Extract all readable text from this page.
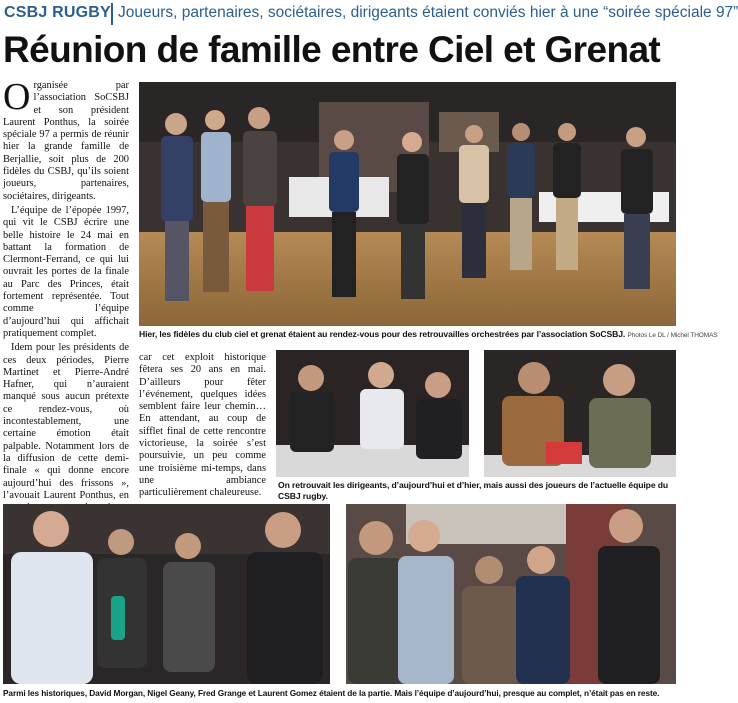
CSBJ RUGBY Joueurs, partenaires, sociétaires, dirigeants étaient conviés hier à une “soirée spéciale 97”
Réunion de famille entre Ciel et Grenat

Organisée par l’association SoCSBJ et son président Laurent Ponthus, la soirée spéciale 97 a permis de réunir hier la grande famille de Berjallie, soit plus de 200 fidèles du CSBJ, qu’ils soient joueurs, partenaires, sociétaires, dirigeants.

L’équipe de l’épopée 1997, qui vit le CSBJ écrire une belle histoire le 24 mai en battant la formation de Clermont-Ferrand, ce qui lui ouvrait les portes de la finale au Parc des Princes, était fortement représentée. Tout comme l’équipe d’aujourd’hui qui affichait pratiquement complet.

Idem pour les présidents de ces deux périodes, Pierre Martinet et Pierre-André Hafner, qui n’auraient manqué sous aucun prétexte ce rendez-vous, où incontestablement, une certaine émotion était palpable. Notamment lors de la diffusion de cette demi-finale « qui donne encore aujourd’hui des frissons », l’avouait Laurent Ponthus, en

Hier, les fidèles du club ciel et grenat étaient au rendez-vous pour des retrouvailles orchestrées par l’association SoCSBJ. Photos Le DL / Michel THOMAS

car cet exploit historique fêtera ses 20 ans en mai. D’ailleurs pour fêter l’événement, quelques idées semblent faire leur chemin… En attendant, au coup de sifflet final de cette rencontre victorieuse, la soirée s’est poursuivie, un peu comme une troisième mi-temps, dans une ambiance particulièrement chaleureuse.

On retrouvait les dirigeants, d’aujourd’hui et d’hier, mais aussi des joueurs de l’actuelle équipe du CSBJ rugby.
Parmi les historiques, David Morgan, Nigel Geany, Fred Grange et Laurent Gomez étaient de la partie. Mais l’équipe d’aujourd’hui, presque au complet, n’était pas en reste.
